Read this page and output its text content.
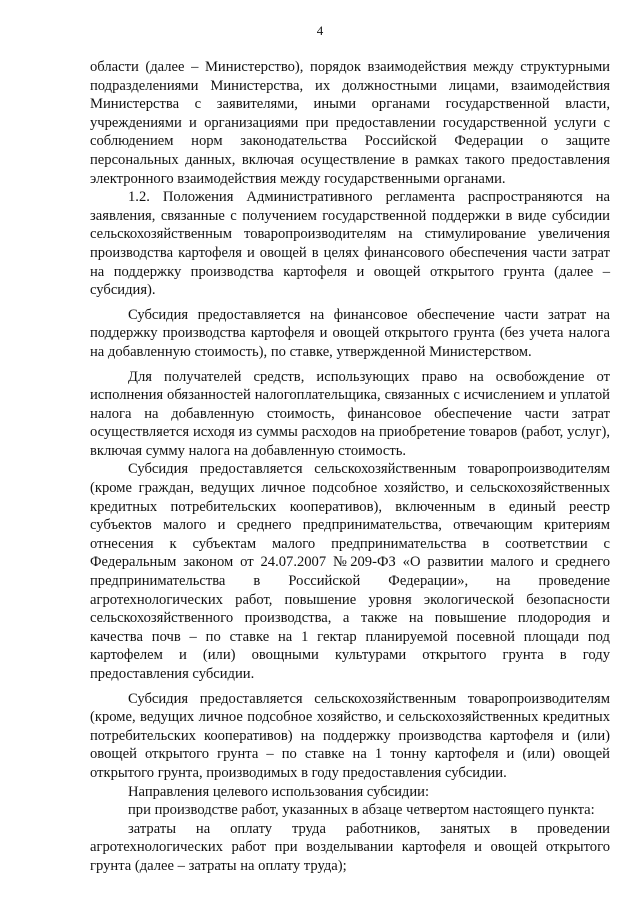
4

области (далее – Министерство), порядок взаимодействия между структурными подразделениями Министерства, их должностными лицами, взаимодействия Министерства с заявителями, иными органами государственной власти, учреждениями и организациями при предоставлении государственной услуги с соблюдением норм законодательства Российской Федерации о защите персональных данных, включая осуществление в рамках такого предоставления электронного взаимодействия между государственными органами.

1.2. Положения Административного регламента распространяются на заявления, связанные с получением государственной поддержки в виде субсидии сельскохозяйственным товаропроизводителям на стимулирование увеличения производства картофеля и овощей в целях финансового обеспечения части затрат на поддержку производства картофеля и овощей открытого грунта (далее – субсидия).

Субсидия предоставляется на финансовое обеспечение части затрат на поддержку производства картофеля и овощей открытого грунта (без учета налога на добавленную стоимость), по ставке, утвержденной Министерством.

Для получателей средств, использующих право на освобождение от исполнения обязанностей налогоплательщика, связанных с исчислением и уплатой налога на добавленную стоимость, финансовое обеспечение части затрат осуществляется исходя из суммы расходов на приобретение товаров (работ, услуг), включая сумму налога на добавленную стоимость.

Субсидия предоставляется сельскохозяйственным товаропроизводителям (кроме граждан, ведущих личное подсобное хозяйство, и сельскохозяйственных кредитных потребительских кооперативов), включенным в единый реестр субъектов малого и среднего предпринимательства, отвечающим критериям отнесения к субъектам малого предпринимательства в соответствии с Федеральным законом от 24.07.2007 №209-ФЗ «О развитии малого и среднего предпринимательства в Российской Федерации», на проведение агротехнологических работ, повышение уровня экологической безопасности сельскохозяйственного производства, а также на повышение плодородия и качества почв – по ставке на 1 гектар планируемой посевной площади под картофелем и (или) овощными культурами открытого грунта в году предоставления субсидии.

Субсидия предоставляется сельскохозяйственным товаропроизводителям (кроме, ведущих личное подсобное хозяйство, и сельскохозяйственных кредитных потребительских кооперативов) на поддержку производства картофеля и (или) овощей открытого грунта – по ставке на 1 тонну картофеля и (или) овощей открытого грунта, производимых в году предоставления субсидии.

Направления целевого использования субсидии:

при производстве работ, указанных в абзаце четвертом настоящего пункта:

затраты на оплату труда работников, занятых в проведении агротехнологических работ при возделывании картофеля и овощей открытого грунта (далее – затраты на оплату труда);
